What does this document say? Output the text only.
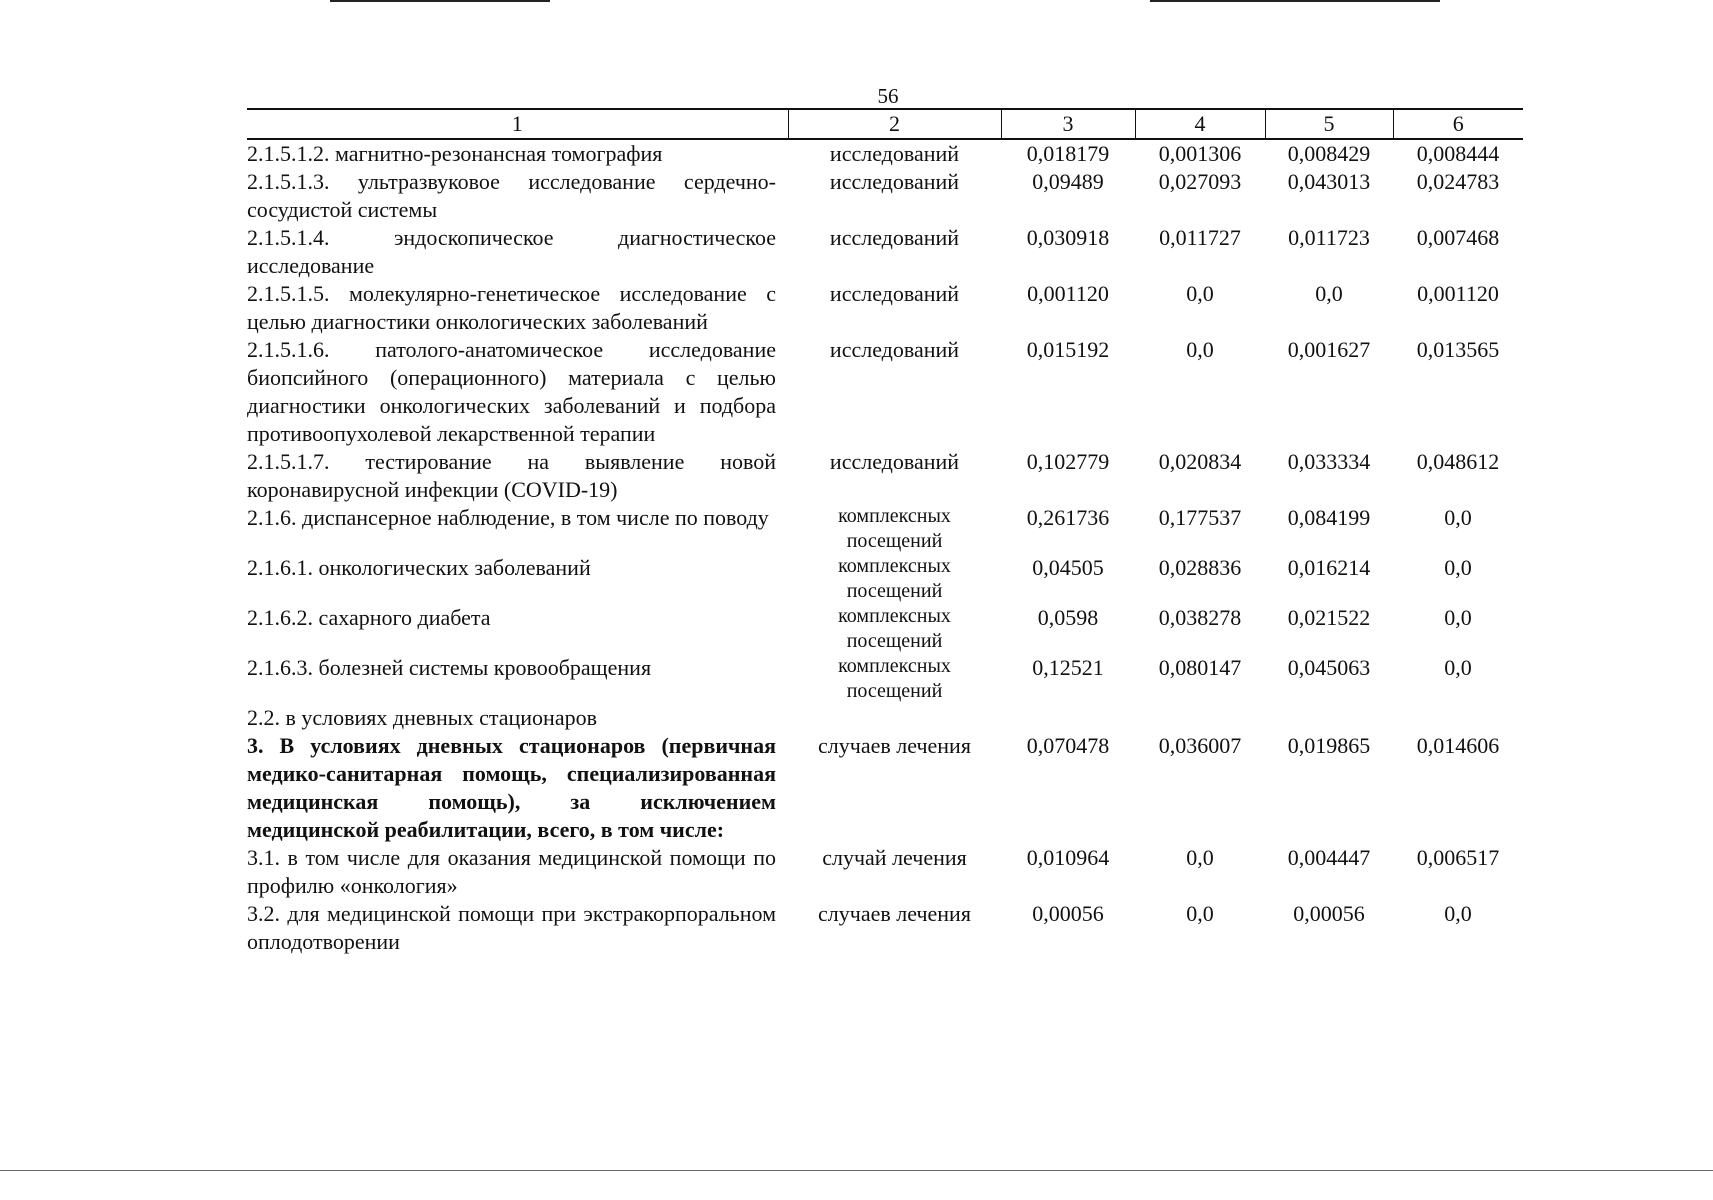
56
1	2	3	4	5	6
2.1.5.1.2. магнитно-резонансная томография	исследований	0,018179	0,001306	0,008429	0,008444
2.1.5.1.3. ультразвуковое исследование сердечно-сосудистой системы	исследований	0,09489	0,027093	0,043013	0,024783
2.1.5.1.4. эндоскопическое диагностическое исследование	исследований	0,030918	0,011727	0,011723	0,007468
2.1.5.1.5. молекулярно-генетическое исследование с целью диагностики онкологических заболеваний	исследований	0,001120	0,0	0,0	0,001120
2.1.5.1.6. патолого-анатомическое исследование биопсийного (операционного) материала с целью диагностики онкологических заболеваний и подбора противоопухолевой лекарственной терапии	исследований	0,015192	0,0	0,001627	0,013565
2.1.5.1.7. тестирование на выявление новой коронавирусной инфекции (COVID-19)	исследований	0,102779	0,020834	0,033334	0,048612
2.1.6. диспансерное наблюдение, в том числе по поводу	комплексных посещений	0,261736	0,177537	0,084199	0,0
2.1.6.1. онкологических заболеваний	комплексных посещений	0,04505	0,028836	0,016214	0,0
2.1.6.2. сахарного диабета	комплексных посещений	0,0598	0,038278	0,021522	0,0
2.1.6.3. болезней системы кровообращения	комплексных посещений	0,12521	0,080147	0,045063	0,0
2.2. в условиях дневных стационаров					
3. В условиях дневных стационаров (первичная медико-санитарная помощь, специализированная медицинская помощь), за исключением медицинской реабилитации, всего, в том числе:	случаев лечения	0,070478	0,036007	0,019865	0,014606
3.1. в том числе для оказания медицинской помощи по профилю «онкология»	случай лечения	0,010964	0,0	0,004447	0,006517
3.2. для медицинской помощи при экстракорпоральном оплодотворении	случаев лечения	0,00056	0,0	0,00056	0,0
